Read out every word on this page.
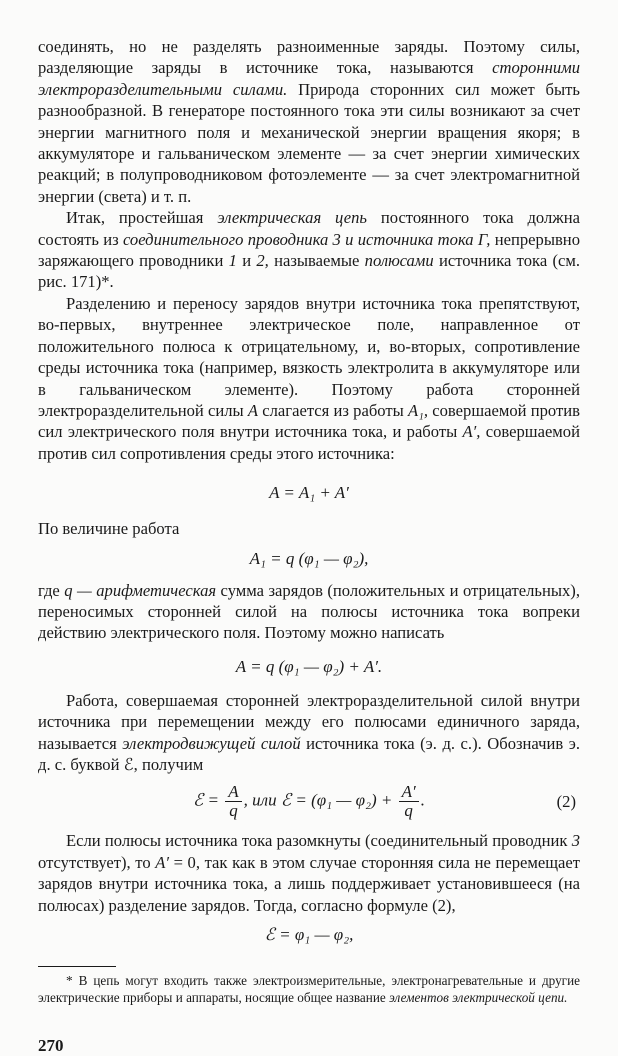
соединять, но не разделять разноименные заряды. Поэтому силы, разделяющие заряды в источнике тока, называются сторонними электроразделительными силами. Природа сторонних сил может быть разнообразной. В генераторе постоянного тока эти силы возникают за счет энергии магнитного поля и механической энергии вращения якоря; в аккумуляторе и гальваническом элементе — за счет энергии химических реакций; в полупроводниковом фотоэлементе — за счет электромагнитной энергии (света) и т. п.

Итак, простейшая электрическая цепь постоянного тока должна состоять из соединительного проводника 3 и источника тока Г, непрерывно заряжающего проводники 1 и 2, называемые полюсами источника тока (см. рис. 171)*.

Разделению и переносу зарядов внутри источника тока препятствуют, во-первых, внутреннее электрическое поле, направленное от положительного полюса к отрицательному, и, во-вторых, сопротивление среды источника тока (например, вязкость электролита в аккумуляторе или в гальваническом элементе). Поэтому работа сторонней электроразделительной силы A слагается из работы A₁, совершаемой против сил электрического поля внутри источника тока, и работы A′, совершаемой против сил сопротивления среды этого источника:

A = A₁ + A′

По величине работа

A₁ = q (φ₁ — φ₂),

где q — арифметическая сумма зарядов (положительных и отрицательных), переносимых сторонней силой на полюсы источника тока вопреки действию электрического поля. Поэтому можно написать

A = q (φ₁ — φ₂) + A′.

Работа, совершаемая сторонней электроразделительной силой внутри источника при перемещении между его полюсами единичного заряда, называется электродвижущей силой источника тока (э. д. с.). Обозначив э. д. с. буквой ℰ, получим

ℰ = $\frac{A}{q}$ , или ℰ = (φ₁ — $\varphi_2) + \frac{A'}{q}$ .	(2)

Если полюсы источника тока разомкнуты (соединительный проводник 3 отсутствует), то A′ = 0, так как в этом случае сторонняя сила не перемещает зарядов внутри источника тока, а лишь поддерживает установившееся (на полюсах) разделение зарядов. Тогда, согласно формуле (2),

ℰ = φ₁ — φ₂,

* В цепь могут входить также электроизмерительные, электронагревательные и другие электрические приборы и аппараты, носящие общее название элементов электрической цепи.

270
